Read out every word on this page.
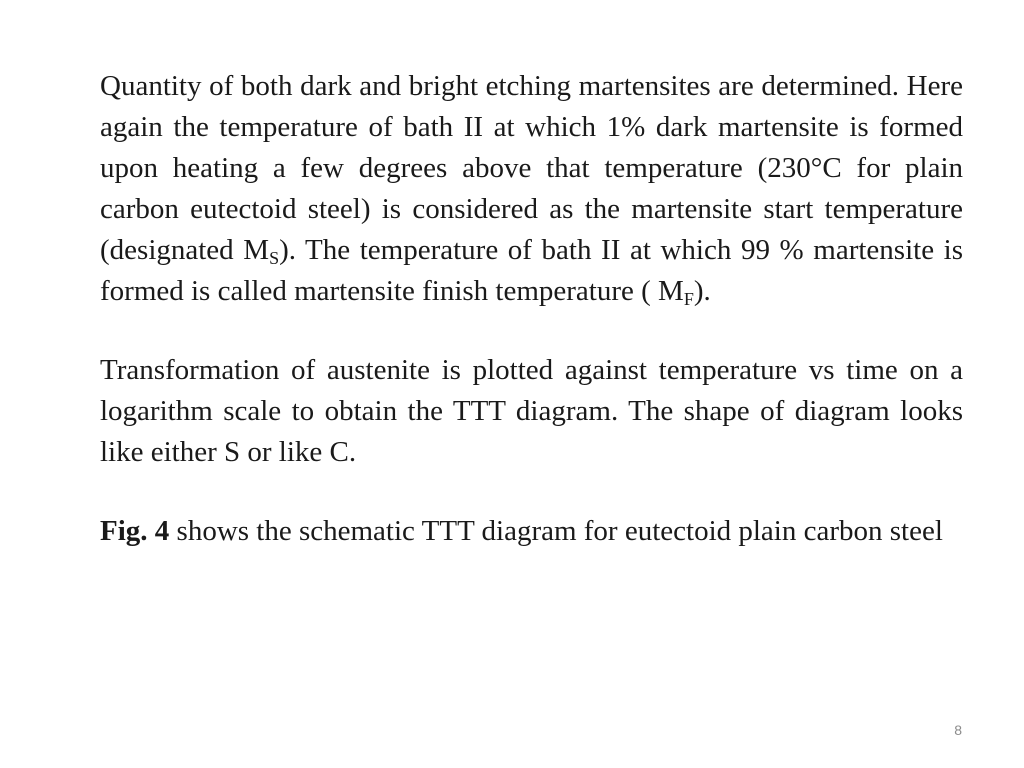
Quantity of both dark and bright etching martensites are determined. Here again the temperature of bath II at which 1% dark martensite is formed upon heating a few degrees above that temperature (230°C for plain carbon eutectoid steel) is considered as the martensite start temperature (designated $M_S$). The temperature of bath II at which 99 % martensite is formed is called martensite finish temperature ( $M_F$).

Transformation of austenite is plotted against temperature vs time on a logarithm scale to obtain the TTT diagram. The shape of diagram looks like either S or like C.

Fig. 4 shows the schematic TTT diagram for eutectoid plain carbon steel

8
